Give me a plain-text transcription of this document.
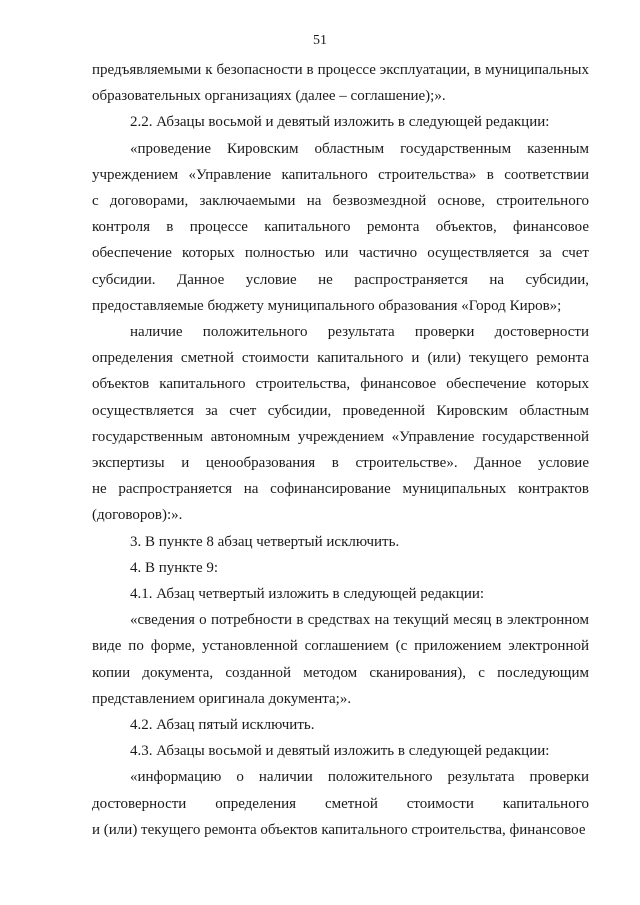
51
предъявляемыми к безопасности в процессе эксплуатации, в муниципальных
образовательных организациях (далее – соглашение);».
2.2. Абзацы восьмой и девятый изложить в следующей редакции:
«проведение Кировским областным государственным казенным
учреждением «Управление капитального строительства» в соответствии
с договорами, заключаемыми на безвозмездной основе, строительного
контроля в процессе капитального ремонта объектов, финансовое
обеспечение которых полностью или частично осуществляется за счет
субсидии. Данное условие не распространяется на субсидии,
предоставляемые бюджету муниципального образования «Город Киров»;
наличие положительного результата проверки достоверности
определения сметной стоимости капитального и (или) текущего ремонта
объектов капитального строительства, финансовое обеспечение которых
осуществляется за счет субсидии, проведенной Кировским областным
государственным автономным учреждением «Управление государственной
экспертизы и ценообразования в строительстве». Данное условие
не распространяется на софинансирование муниципальных контрактов
(договоров):».
3. В пункте 8 абзац четвертый исключить.
4. В пункте 9:
4.1. Абзац четвертый изложить в следующей редакции:
«сведения о потребности в средствах на текущий месяц в электронном
виде по форме, установленной соглашением (с приложением электронной
копии документа, созданной методом сканирования), с последующим
представлением оригинала документа;».
4.2. Абзац пятый исключить.
4.3. Абзацы восьмой и девятый изложить в следующей редакции:
«информацию о наличии положительного результата проверки
достоверности определения сметной стоимости капитального
и (или) текущего ремонта объектов капитального строительства, финансовое
